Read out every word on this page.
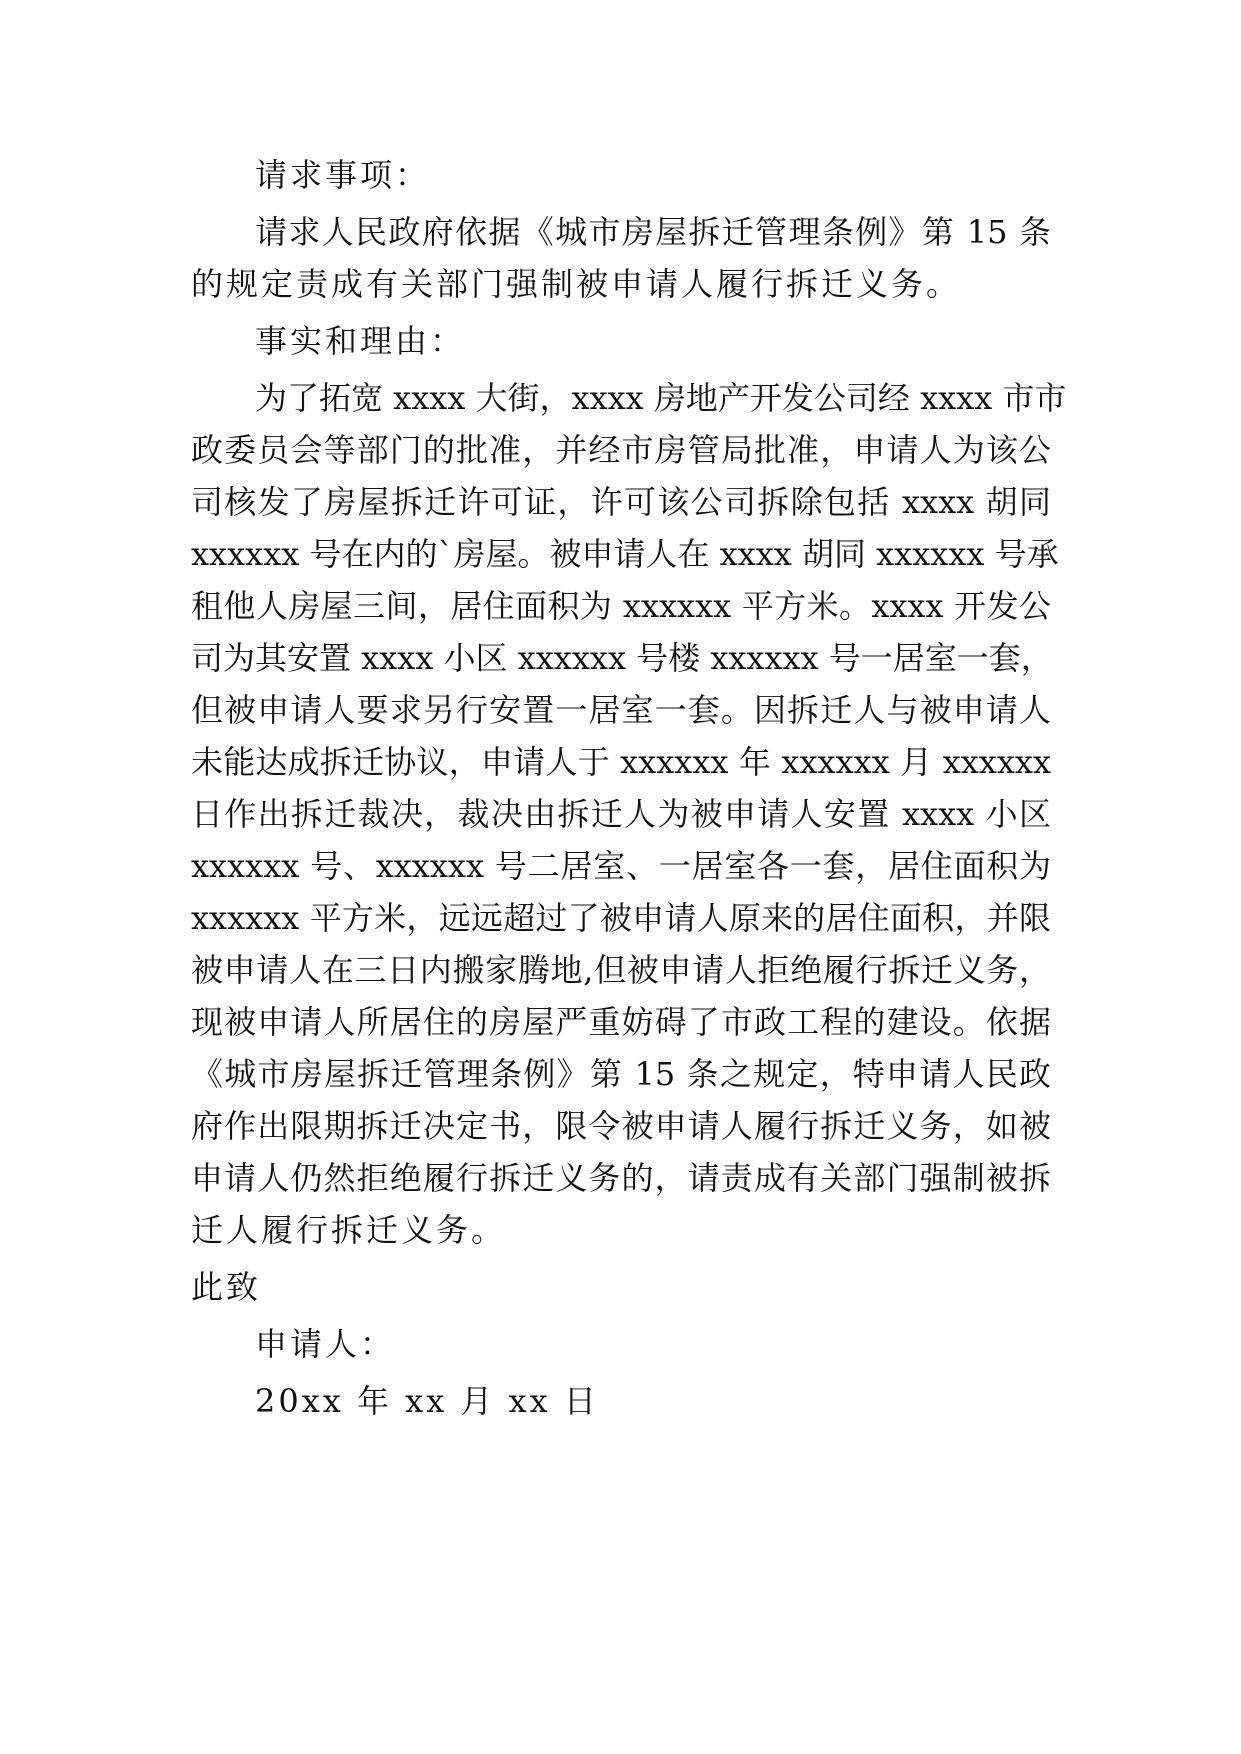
请求事项：
请求人民政府依据《城市房屋拆迁管理条例》第 15 条
的规定责成有关部门强制被申请人履行拆迁义务。
事实和理由：
为了拓宽 xxxx 大街，xxxx 房地产开发公司经 xxxx 市市
政委员会等部门的批准，并经市房管局批准，申请人为该公
司核发了房屋拆迁许可证，许可该公司拆除包括 xxxx 胡同
xxxxxx 号在内的`房屋。被申请人在 xxxx 胡同 xxxxxx 号承
租他人房屋三间，居住面积为 xxxxxx 平方米。xxxx 开发公
司为其安置 xxxx 小区 xxxxxx 号楼 xxxxxx 号一居室一套，
但被申请人要求另行安置一居室一套。因拆迁人与被申请人
未能达成拆迁协议，申请人于 xxxxxx 年 xxxxxx 月 xxxxxx
日作出拆迁裁决，裁决由拆迁人为被申请人安置 xxxx 小区
xxxxxx 号、xxxxxx 号二居室、一居室各一套，居住面积为
xxxxxx 平方米，远远超过了被申请人原来的居住面积，并限
被申请人在三日内搬家腾地,但被申请人拒绝履行拆迁义务，
现被申请人所居住的房屋严重妨碍了市政工程的建设。依据
《城市房屋拆迁管理条例》第 15 条之规定，特申请人民政
府作出限期拆迁决定书，限令被申请人履行拆迁义务，如被
申请人仍然拒绝履行拆迁义务的，请责成有关部门强制被拆
迁人履行拆迁义务。
此致
申请人：
20xx 年 xx 月 xx 日
